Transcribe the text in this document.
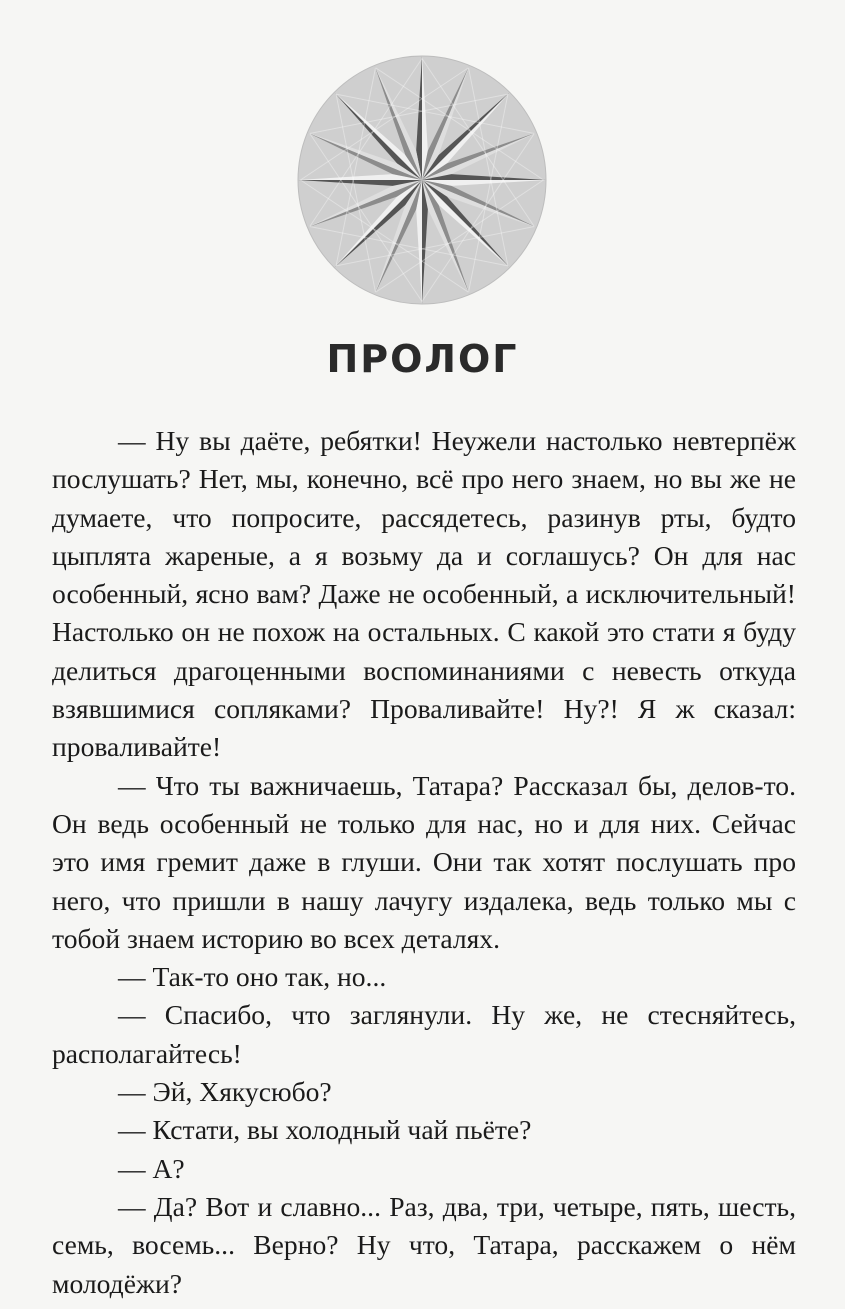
ПРОЛОГ

— Ну вы даёте, ребятки! Неужели настолько невтерпёж послушать? Нет, мы, конечно, всё про него знаем, но вы же не думаете, что попросите, рассядетесь, разинув рты, будто цыплята жареные, а я возьму да и соглашусь? Он для нас особенный, ясно вам? Даже не особенный, а исключительный! Настолько он не похож на остальных. С какой это стати я буду делиться драгоценными воспоминаниями с невесть откуда взявшимися сопляками? Проваливайте! Ну?! Я ж сказал: проваливайте!

— Что ты важничаешь, Татара? Рассказал бы, делов-то. Он ведь особенный не только для нас, но и для них. Сейчас это имя гремит даже в глуши. Они так хотят послушать про него, что пришли в нашу лачугу издалека, ведь только мы с тобой знаем историю во всех деталях.

— Так-то оно так, но...

— Спасибо, что заглянули. Ну же, не стесняйтесь, располагайтесь!

— Эй, Хякусюбо?

— Кстати, вы холодный чай пьёте?

— А?

— Да? Вот и славно... Раз, два, три, четыре, пять, шесть, семь, восемь... Верно? Ну что, Татара, расскажем о нём молодёжи?
